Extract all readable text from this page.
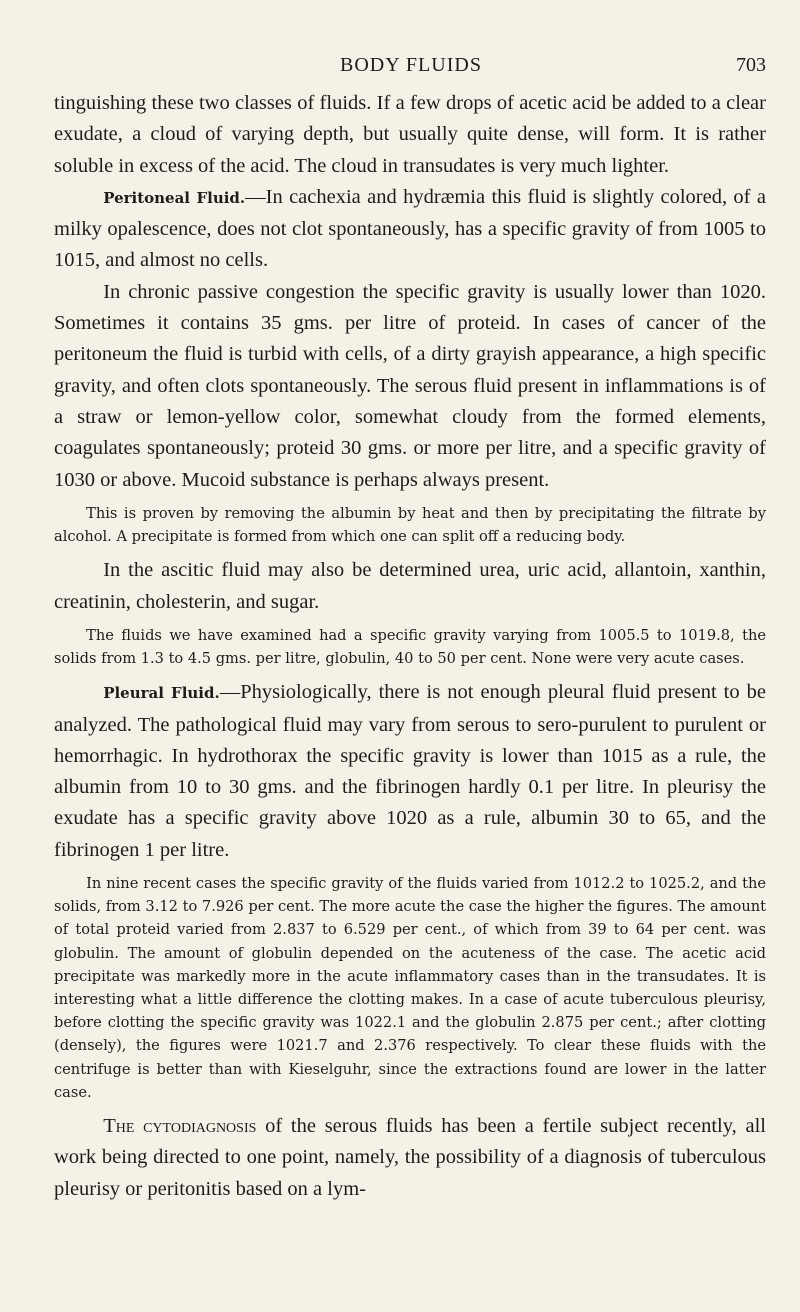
BODY FLUIDS	703

tinguishing these two classes of fluids. If a few drops of acetic acid be added to a clear exudate, a cloud of varying depth, but usually quite dense, will form. It is rather soluble in excess of the acid. The cloud in transudates is very much lighter.

Peritoneal Fluid.—In cachexia and hydræmia this fluid is slightly colored, of a milky opalescence, does not clot spontaneously, has a specific gravity of from 1005 to 1015, and almost no cells.

In chronic passive congestion the specific gravity is usually lower than 1020. Sometimes it contains 35 gms. per litre of proteid. In cases of cancer of the peritoneum the fluid is turbid with cells, of a dirty grayish appearance, a high specific gravity, and often clots spontaneously. The serous fluid present in inflammations is of a straw or lemon-yellow color, somewhat cloudy from the formed elements, coagulates spontaneously; proteid 30 gms. or more per litre, and a specific gravity of 1030 or above. Mucoid substance is perhaps always present.

This is proven by removing the albumin by heat and then by precipitating the filtrate by alcohol. A precipitate is formed from which one can split off a reducing body.

In the ascitic fluid may also be determined urea, uric acid, allantoin, xanthin, creatinin, cholesterin, and sugar.

The fluids we have examined had a specific gravity varying from 1005.5 to 1019.8, the solids from 1.3 to 4.5 gms. per litre, globulin, 40 to 50 per cent. None were very acute cases.

Pleural Fluid.—Physiologically, there is not enough pleural fluid present to be analyzed. The pathological fluid may vary from serous to sero-purulent to purulent or hemorrhagic. In hydrothorax the specific gravity is lower than 1015 as a rule, the albumin from 10 to 30 gms. and the fibrinogen hardly 0.1 per litre. In pleurisy the exudate has a specific gravity above 1020 as a rule, albumin 30 to 65, and the fibrinogen 1 per litre.

In nine recent cases the specific gravity of the fluids varied from 1012.2 to 1025.2, and the solids, from 3.12 to 7.926 per cent. The more acute the case the higher the figures. The amount of total proteid varied from 2.837 to 6.529 per cent., of which from 39 to 64 per cent. was globulin. The amount of globulin depended on the acuteness of the case. The acetic acid precipitate was markedly more in the acute inflammatory cases than in the transudates. It is interesting what a little difference the clotting makes. In a case of acute tuberculous pleurisy, before clotting the specific gravity was 1022.1 and the globulin 2.875 per cent.; after clotting (densely), the figures were 1021.7 and 2.376 respectively. To clear these fluids with the centrifuge is better than with Kieselguhr, since the extractions found are lower in the latter case.

The cytodiagnosis of the serous fluids has been a fertile subject recently, all work being directed to one point, namely, the possibility of a diagnosis of tuberculous pleurisy or peritonitis based on a lym-
